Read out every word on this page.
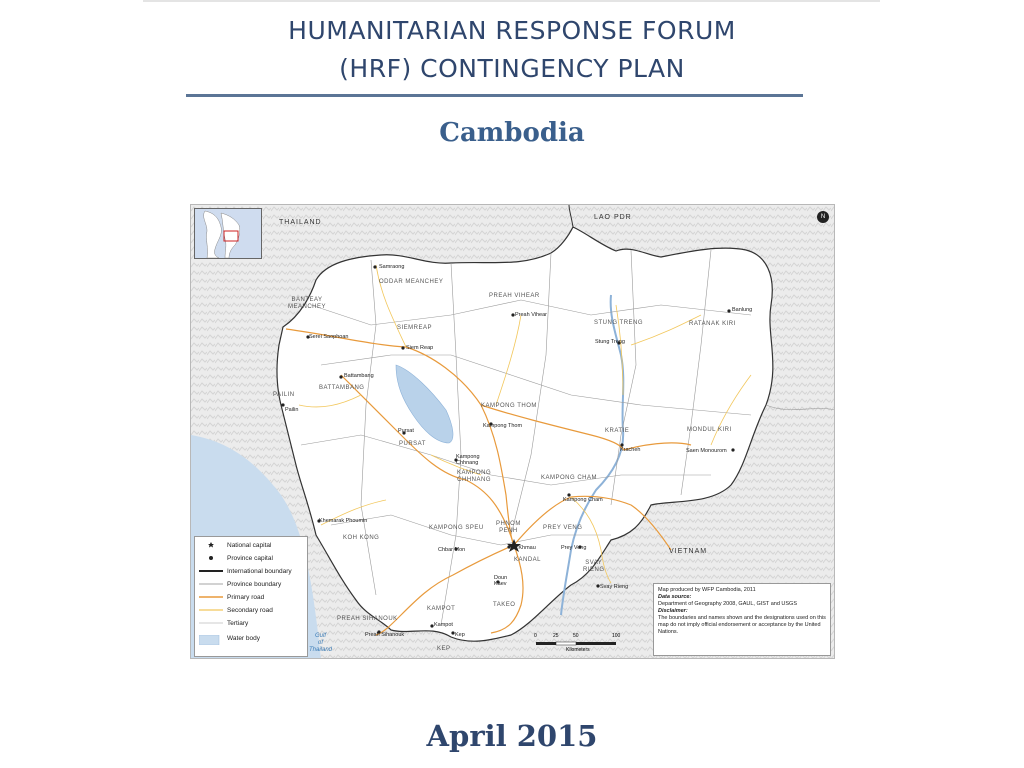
HUMANITARIAN RESPONSE FORUM
(HRF) CONTINGENCY PLAN
Cambodia
THAILAND
LAO PDR
VIETNAM
Gulf
of
Thailand
ODDAR MEANCHEY
BANTEAY
MEANCHEY
SIEMREAP
PREAH VIHEAR
STUNG TRENG	RATANAK KIRI
BATTAMBANG
PAILIN
KAMPONG THOM
PURSAT
KRATIE	MONDUL KIRI
KAMPONG
CHHNANG	KAMPONG CHAM
KOH KONG
KAMPONG SPEU
PHNOM
PENH	PREY VENG
KANDAL	SVAY
RIENG
TAKEO
KAMPOT
PREAH SIHANOUK
KEP
Samraong
Preah Vihear
Banlung
Serei Saophoan
Siem Reap
Stung Treng
Battambang
Pailin
Kampong Thom
Pursat
Kracheh	Saen Monourom
Kampong
Chhnang
Kampong Cham
Khemarak Phoumin
Chbar Mon	Ta Khmau	Prey Veng
Svay Rieng
Doun
Kaev
Kampot
Preah Sihanouk	Kep
N
National capital
Province capital
International boundary
Province boundary
Primary road
Secondary road
Tertiary
Water body	0	25	50	100
Kilometers
Map produced by WFP Cambodia, 2011
Data source:
Department of Geography 2008, GAUL, GIST and USGS
Disclaimer:
The boundaries and names shown and the designations used on this map do not imply official endorsement or acceptance by the United Nations.
April 2015
